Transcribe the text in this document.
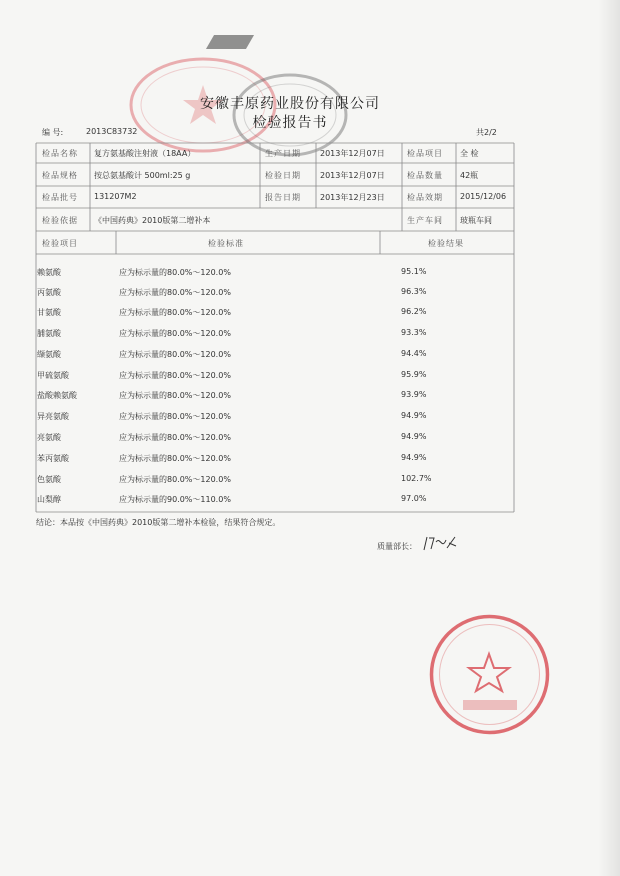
安徽丰原药业股份有限公司
检验报告书
编 号:	2013C83732	共2/2
检品名称 复方氨基酸注射液（18AA）	生产日期 2013年12月07日	检品项目 全 检
检品规格 按总氨基酸计 500ml:25 g	检验日期 2013年12月07日	检品数量 42瓶
检品批号 131207M2	报告日期 2013年12月23日	检品效期 2015/12/06
检验依据 《中国药典》2010版第二增补本	生产车间 玻瓶车间
检验项目	检验标准	检验结果
赖氨酸	应为标示量的80.0%～120.0%	95.1%
丙氨酸	应为标示量的80.0%～120.0%	96.3%
甘氨酸	应为标示量的80.0%～120.0%	96.2%
脯氨酸	应为标示量的80.0%～120.0%	93.3%
缬氨酸	应为标示量的80.0%～120.0%	94.4%
甲硫氨酸	应为标示量的80.0%～120.0%	95.9%
盐酸赖氨酸	应为标示量的80.0%～120.0%	93.9%
异亮氨酸	应为标示量的80.0%～120.0%	94.9%
亮氨酸	应为标示量的80.0%～120.0%	94.9%
苯丙氨酸	应为标示量的80.0%～120.0%	94.9%
色氨酸	应为标示量的80.0%～120.0%	102.7%
山梨醇	应为标示量的90.0%～110.0%	97.0%
结论：本品按《中国药典》2010版第二增补本检验，结果符合规定。
质量部长：
